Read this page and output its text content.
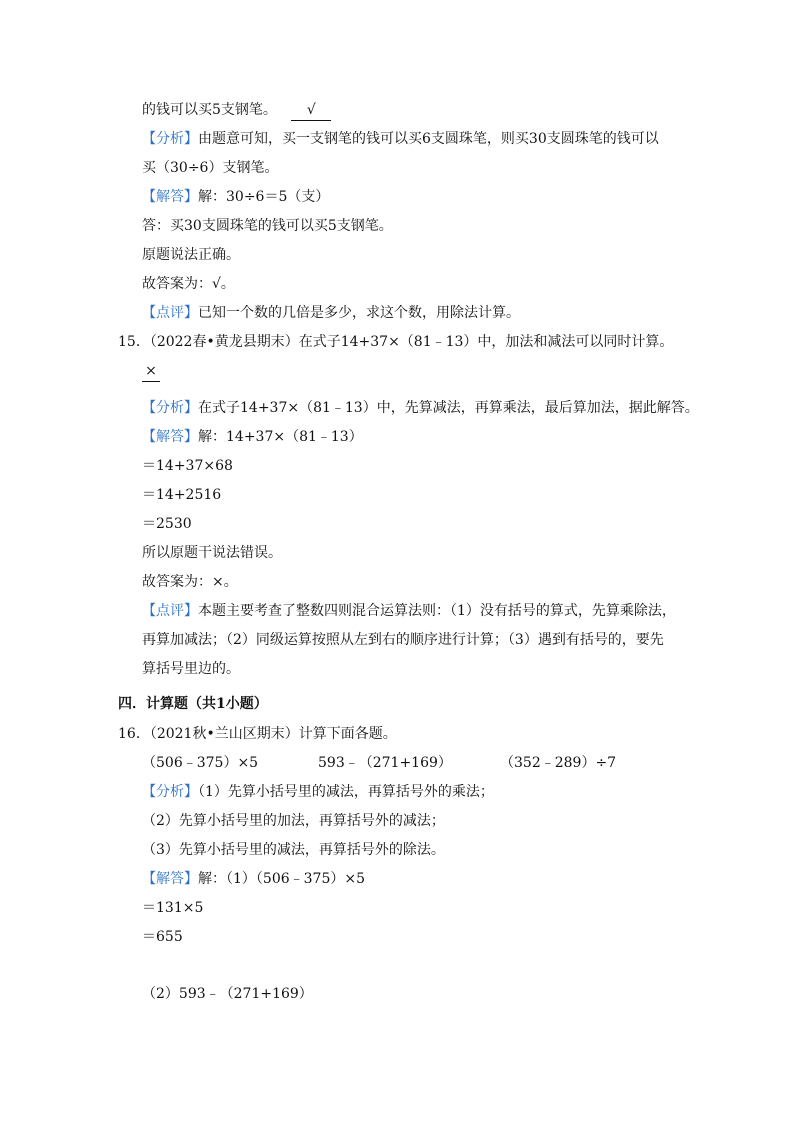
的钱可以买5支钢笔。 √
【分析】由题意可知，买一支钢笔的钱可以买6支圆珠笔，则买30支圆珠笔的钱可以
买（30÷6）支钢笔。
【解答】解：30÷6＝5（支）
答：买30支圆珠笔的钱可以买5支钢笔。
原题说法正确。
故答案为：√。
【点评】已知一个数的几倍是多少，求这个数，用除法计算。
15．（2022春•黄龙县期末）在式子14+37×（81﹣13）中，加法和减法可以同时计算。
×
【分析】在式子14+37×（81﹣13）中，先算减法，再算乘法，最后算加法，据此解答。
【解答】解：14+37×（81﹣13）
＝14+37×68
＝14+2516
＝2530
所以原题干说法错误。
故答案为：×。
【点评】本题主要考查了整数四则混合运算法则：（1）没有括号的算式，先算乘除法，
再算加减法；（2）同级运算按照从左到右的顺序进行计算；（3）遇到有括号的，要先
算括号里边的。
四．计算题（共1小题）
16．（2021秋•兰山区期末）计算下面各题。
（506﹣375）×5	593﹣（271+169）	（352﹣289）÷7
【分析】（1）先算小括号里的减法，再算括号外的乘法；
（2）先算小括号里的加法，再算括号外的减法；
（3）先算小括号里的减法，再算括号外的除法。
【解答】解：（1）（506﹣375）×5
＝131×5
＝655
（2）593﹣（271+169）
